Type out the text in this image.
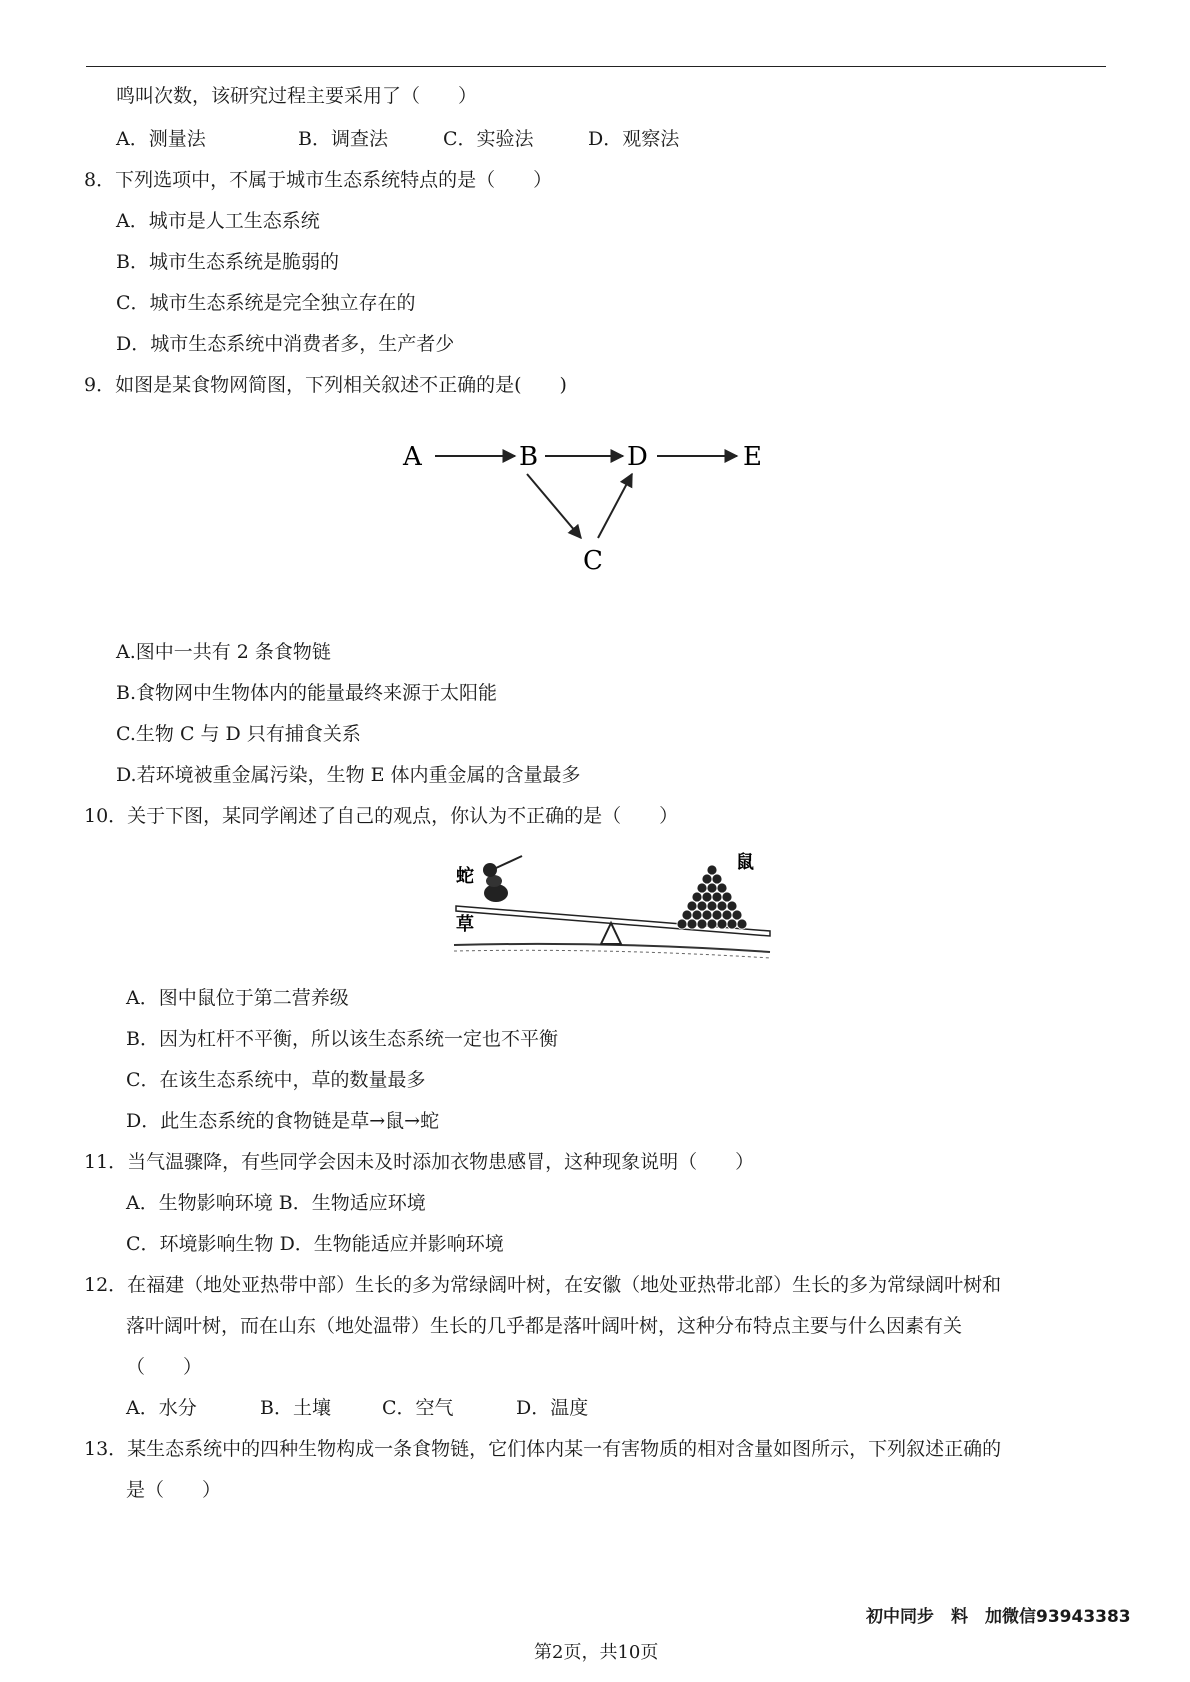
鸣叫次数，该研究过程主要采用了（　　）
A．测量法	B．调查法	C．实验法	D．观察法
8．下列选项中，不属于城市生态系统特点的是（　　）
A．城市是人工生态系统
B．城市生态系统是脆弱的
C．城市生态系统是完全独立存在的
D．城市生态系统中消费者多，生产者少
9．如图是某食物网简图，下列相关叙述不正确的是(　　)
A	B	D	E
C
A.图中一共有 2 条食物链
B.食物网中生物体内的能量最终来源于太阳能
C.生物 C 与 D 只有捕食关系
D.若环境被重金属污染，生物 E 体内重金属的含量最多
10．关于下图，某同学阐述了自己的观点，你认为不正确的是（　　）
蛇
草
鼠
A．图中鼠位于第二营养级
B．因为杠杆不平衡，所以该生态系统一定也不平衡
C．在该生态系统中，草的数量最多
D．此生态系统的食物链是草→鼠→蛇
11．当气温骤降，有些同学会因未及时添加衣物患感冒，这种现象说明（　　）
A．生物影响环境 B．生物适应环境
C．环境影响生物 D．生物能适应并影响环境
12．在福建（地处亚热带中部）生长的多为常绿阔叶树，在安徽（地处亚热带北部）生长的多为常绿阔叶树和
落叶阔叶树，而在山东（地处温带）生长的几乎都是落叶阔叶树，这种分布特点主要与什么因素有关
（　　）
A．水分	B．土壤	C．空气	D．温度
13．某生态系统中的四种生物构成一条食物链，它们体内某一有害物质的相对含量如图所示，下列叙述正确的
是（　　）
初中同步　料　加微信93943383
第2页，共10页
